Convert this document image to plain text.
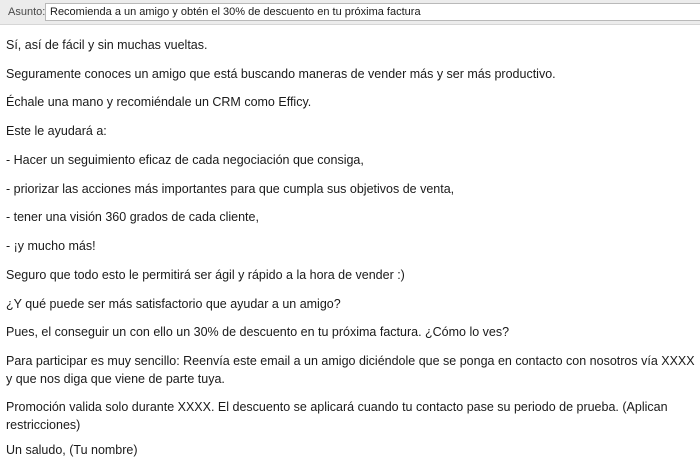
Asunto:
Recomienda a un amigo y obtén el 30% de descuento en tu próxima factura

Sí, así de fácil y sin muchas vueltas.

Seguramente conoces un amigo que está buscando maneras de vender más y ser más productivo.

Échale una mano y recomiéndale un CRM como Efficy.

Este le ayudará a:

- Hacer un seguimiento eficaz de cada negociación que consiga,

- priorizar las acciones más importantes para que cumpla sus objetivos de venta,

- tener una visión 360 grados de cada cliente,

- ¡y mucho más!

Seguro que todo esto le permitirá ser ágil y rápido a la hora de vender :)

¿Y qué puede ser más satisfactorio que ayudar a un amigo?

Pues, el conseguir un con ello un 30% de descuento en tu próxima factura. ¿Cómo lo ves?

Para participar es muy sencillo: Reenvía este email a un amigo diciéndole que se ponga en contacto con nosotros vía XXXX y que nos diga que viene de parte tuya.

Promoción valida solo durante XXXX. El descuento se aplicará cuando tu contacto pase su periodo de prueba. (Aplican restricciones)

Un saludo, (Tu nombre)
